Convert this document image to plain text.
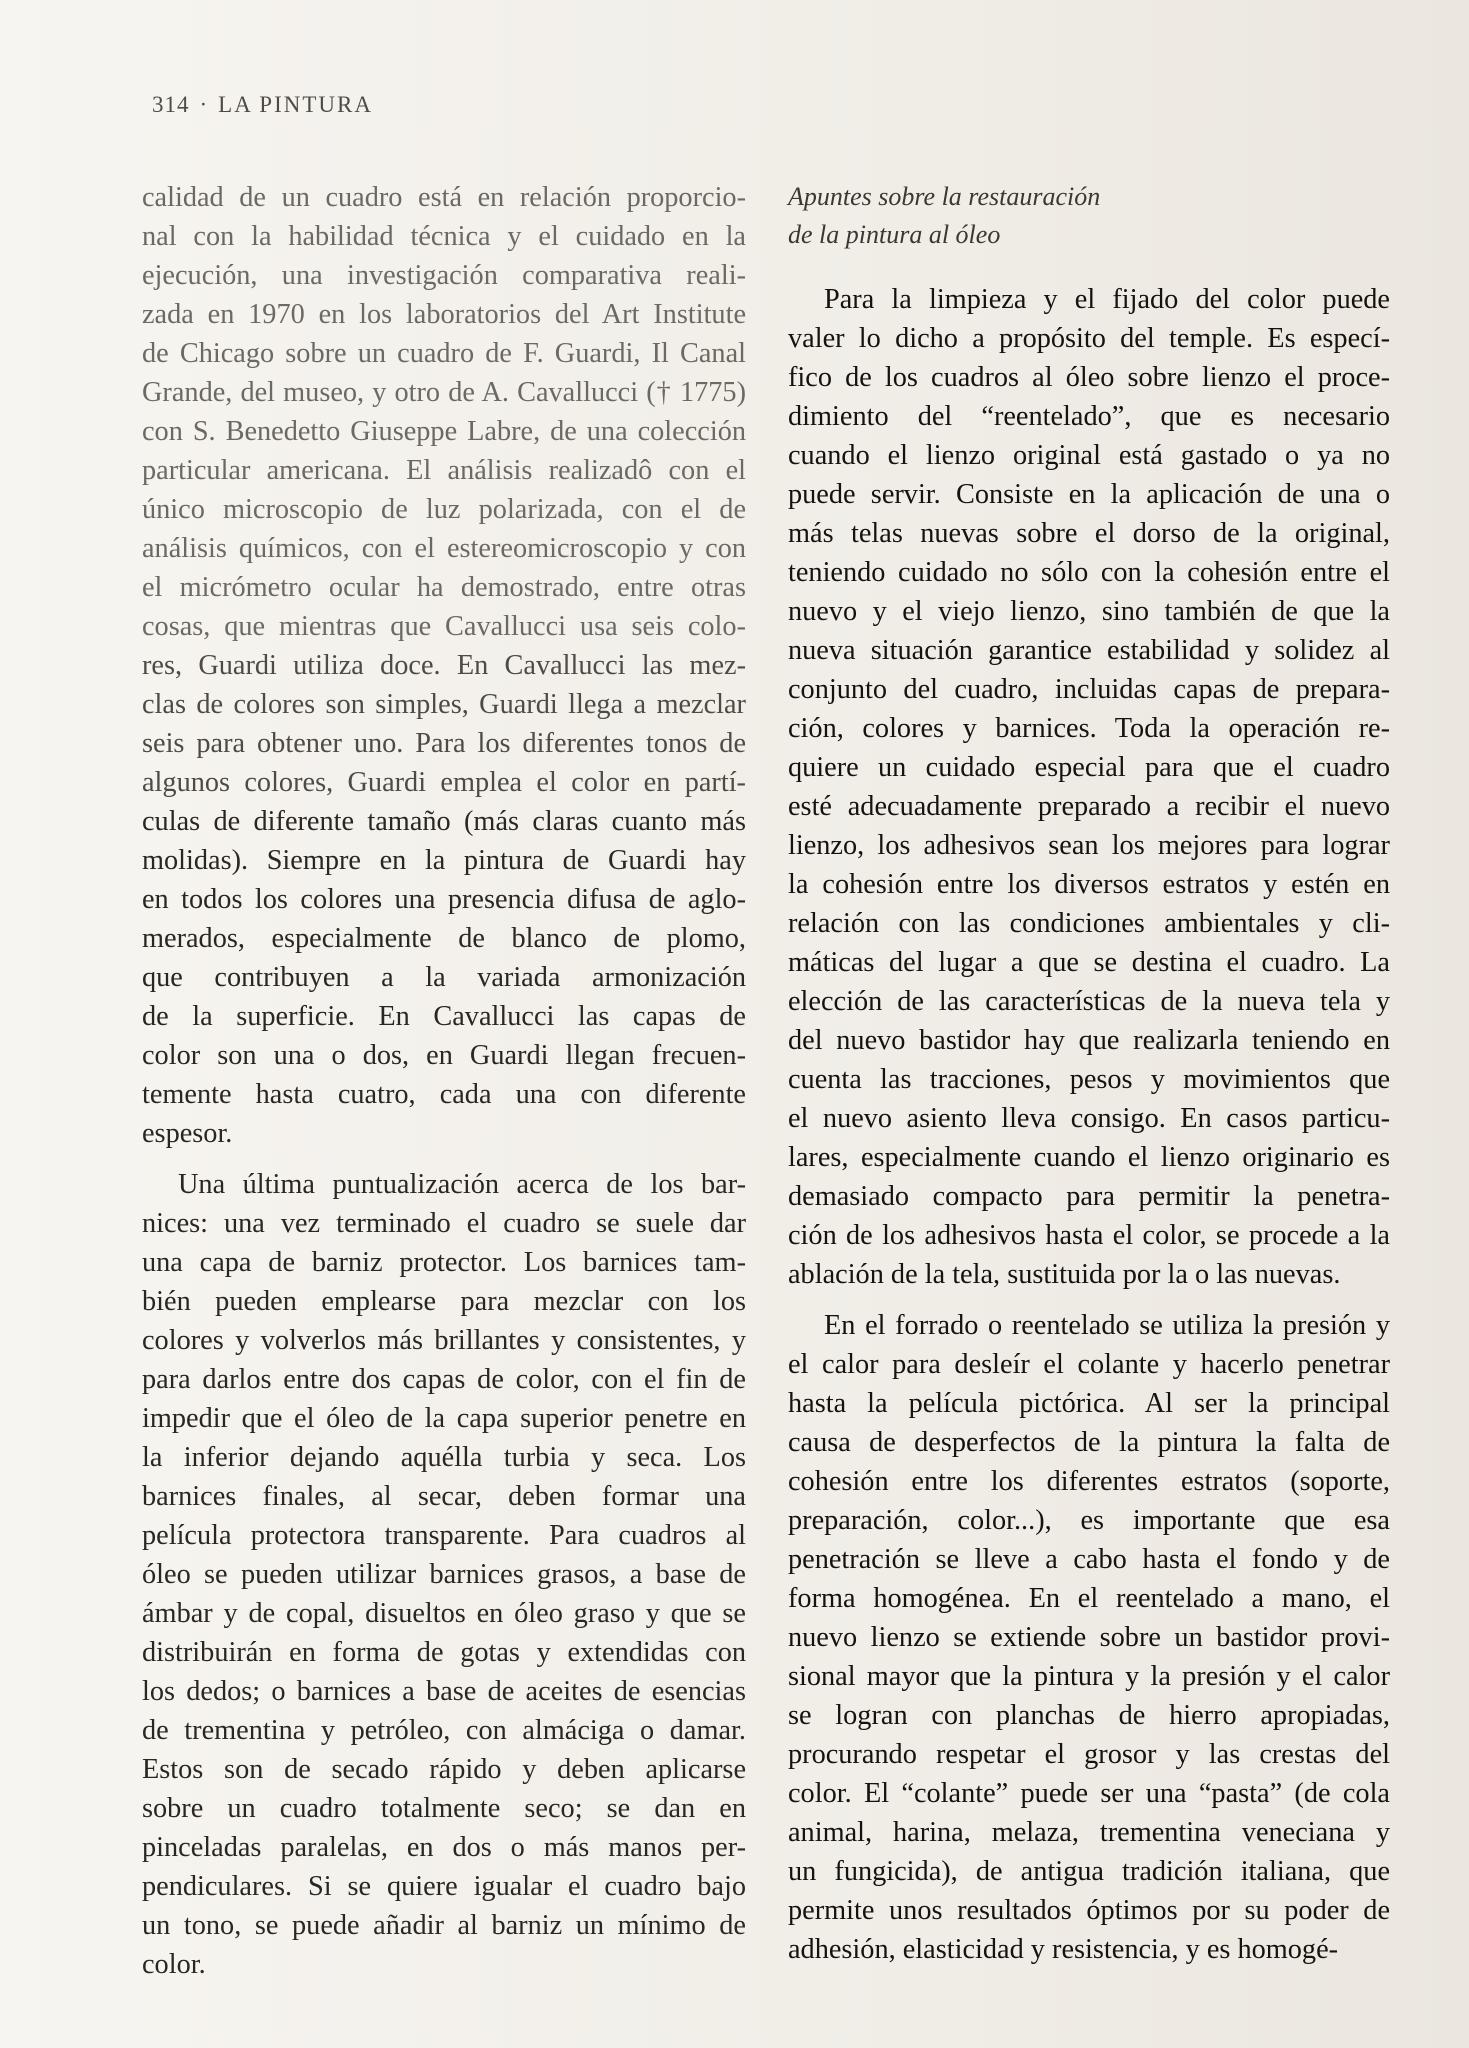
314 · LA PINTURA
calidad de un cuadro está en relación proporcio-
nal con la habilidad técnica y el cuidado en la
ejecución, una investigación comparativa reali-
zada en 1970 en los laboratorios del Art Institute
de Chicago sobre un cuadro de F. Guardi, Il Canal
Grande, del museo, y otro de A. Cavallucci († 1775)
con S. Benedetto Giuseppe Labre, de una colección
particular americana. El análisis realizadô con el
único microscopio de luz polarizada, con el de
análisis químicos, con el estereomicroscopio y con
el micrómetro ocular ha demostrado, entre otras
cosas, que mientras que Cavallucci usa seis colo-
res, Guardi utiliza doce. En Cavallucci las mez-
clas de colores son simples, Guardi llega a mezclar
seis para obtener uno. Para los diferentes tonos de
algunos colores, Guardi emplea el color en partí-
culas de diferente tamaño (más claras cuanto más
molidas). Siempre en la pintura de Guardi hay
en todos los colores una presencia difusa de aglo-
merados, especialmente de blanco de plomo,
que contribuyen a la variada armonización
de la superficie. En Cavallucci las capas de
color son una o dos, en Guardi llegan frecuen-
temente hasta cuatro, cada una con diferente
espesor.
Una última puntualización acerca de los bar-
nices: una vez terminado el cuadro se suele dar
una capa de barniz protector. Los barnices tam-
bién pueden emplearse para mezclar con los
colores y volverlos más brillantes y consistentes, y
para darlos entre dos capas de color, con el fin de
impedir que el óleo de la capa superior penetre en
la inferior dejando aquélla turbia y seca. Los
barnices finales, al secar, deben formar una
película protectora transparente. Para cuadros al
óleo se pueden utilizar barnices grasos, a base de
ámbar y de copal, disueltos en óleo graso y que se
distribuirán en forma de gotas y extendidas con
los dedos; o barnices a base de aceites de esencias
de trementina y petróleo, con almáciga o damar.
Estos son de secado rápido y deben aplicarse
sobre un cuadro totalmente seco; se dan en
pinceladas paralelas, en dos o más manos per-
pendiculares. Si se quiere igualar el cuadro bajo
un tono, se puede añadir al barniz un mínimo de
color.
Apuntes sobre la restauración
de la pintura al óleo
Para la limpieza y el fijado del color puede
valer lo dicho a propósito del temple. Es especí-
fico de los cuadros al óleo sobre lienzo el proce-
dimiento del “reentelado”, que es necesario
cuando el lienzo original está gastado o ya no
puede servir. Consiste en la aplicación de una o
más telas nuevas sobre el dorso de la original,
teniendo cuidado no sólo con la cohesión entre el
nuevo y el viejo lienzo, sino también de que la
nueva situación garantice estabilidad y solidez al
conjunto del cuadro, incluidas capas de prepara-
ción, colores y barnices. Toda la operación re-
quiere un cuidado especial para que el cuadro
esté adecuadamente preparado a recibir el nuevo
lienzo, los adhesivos sean los mejores para lograr
la cohesión entre los diversos estratos y estén en
relación con las condiciones ambientales y cli-
máticas del lugar a que se destina el cuadro. La
elección de las características de la nueva tela y
del nuevo bastidor hay que realizarla teniendo en
cuenta las tracciones, pesos y movimientos que
el nuevo asiento lleva consigo. En casos particu-
lares, especialmente cuando el lienzo originario es
demasiado compacto para permitir la penetra-
ción de los adhesivos hasta el color, se procede a la
ablación de la tela, sustituida por la o las nuevas.
En el forrado o reentelado se utiliza la presión y
el calor para desleír el colante y hacerlo penetrar
hasta la película pictórica. Al ser la principal
causa de desperfectos de la pintura la falta de
cohesión entre los diferentes estratos (soporte,
preparación, color...), es importante que esa
penetración se lleve a cabo hasta el fondo y de
forma homogénea. En el reentelado a mano, el
nuevo lienzo se extiende sobre un bastidor provi-
sional mayor que la pintura y la presión y el calor
se logran con planchas de hierro apropiadas,
procurando respetar el grosor y las crestas del
color. El “colante” puede ser una “pasta” (de cola
animal, harina, melaza, trementina veneciana y
un fungicida), de antigua tradición italiana, que
permite unos resultados óptimos por su poder de
adhesión, elasticidad y resistencia, y es homogé-
